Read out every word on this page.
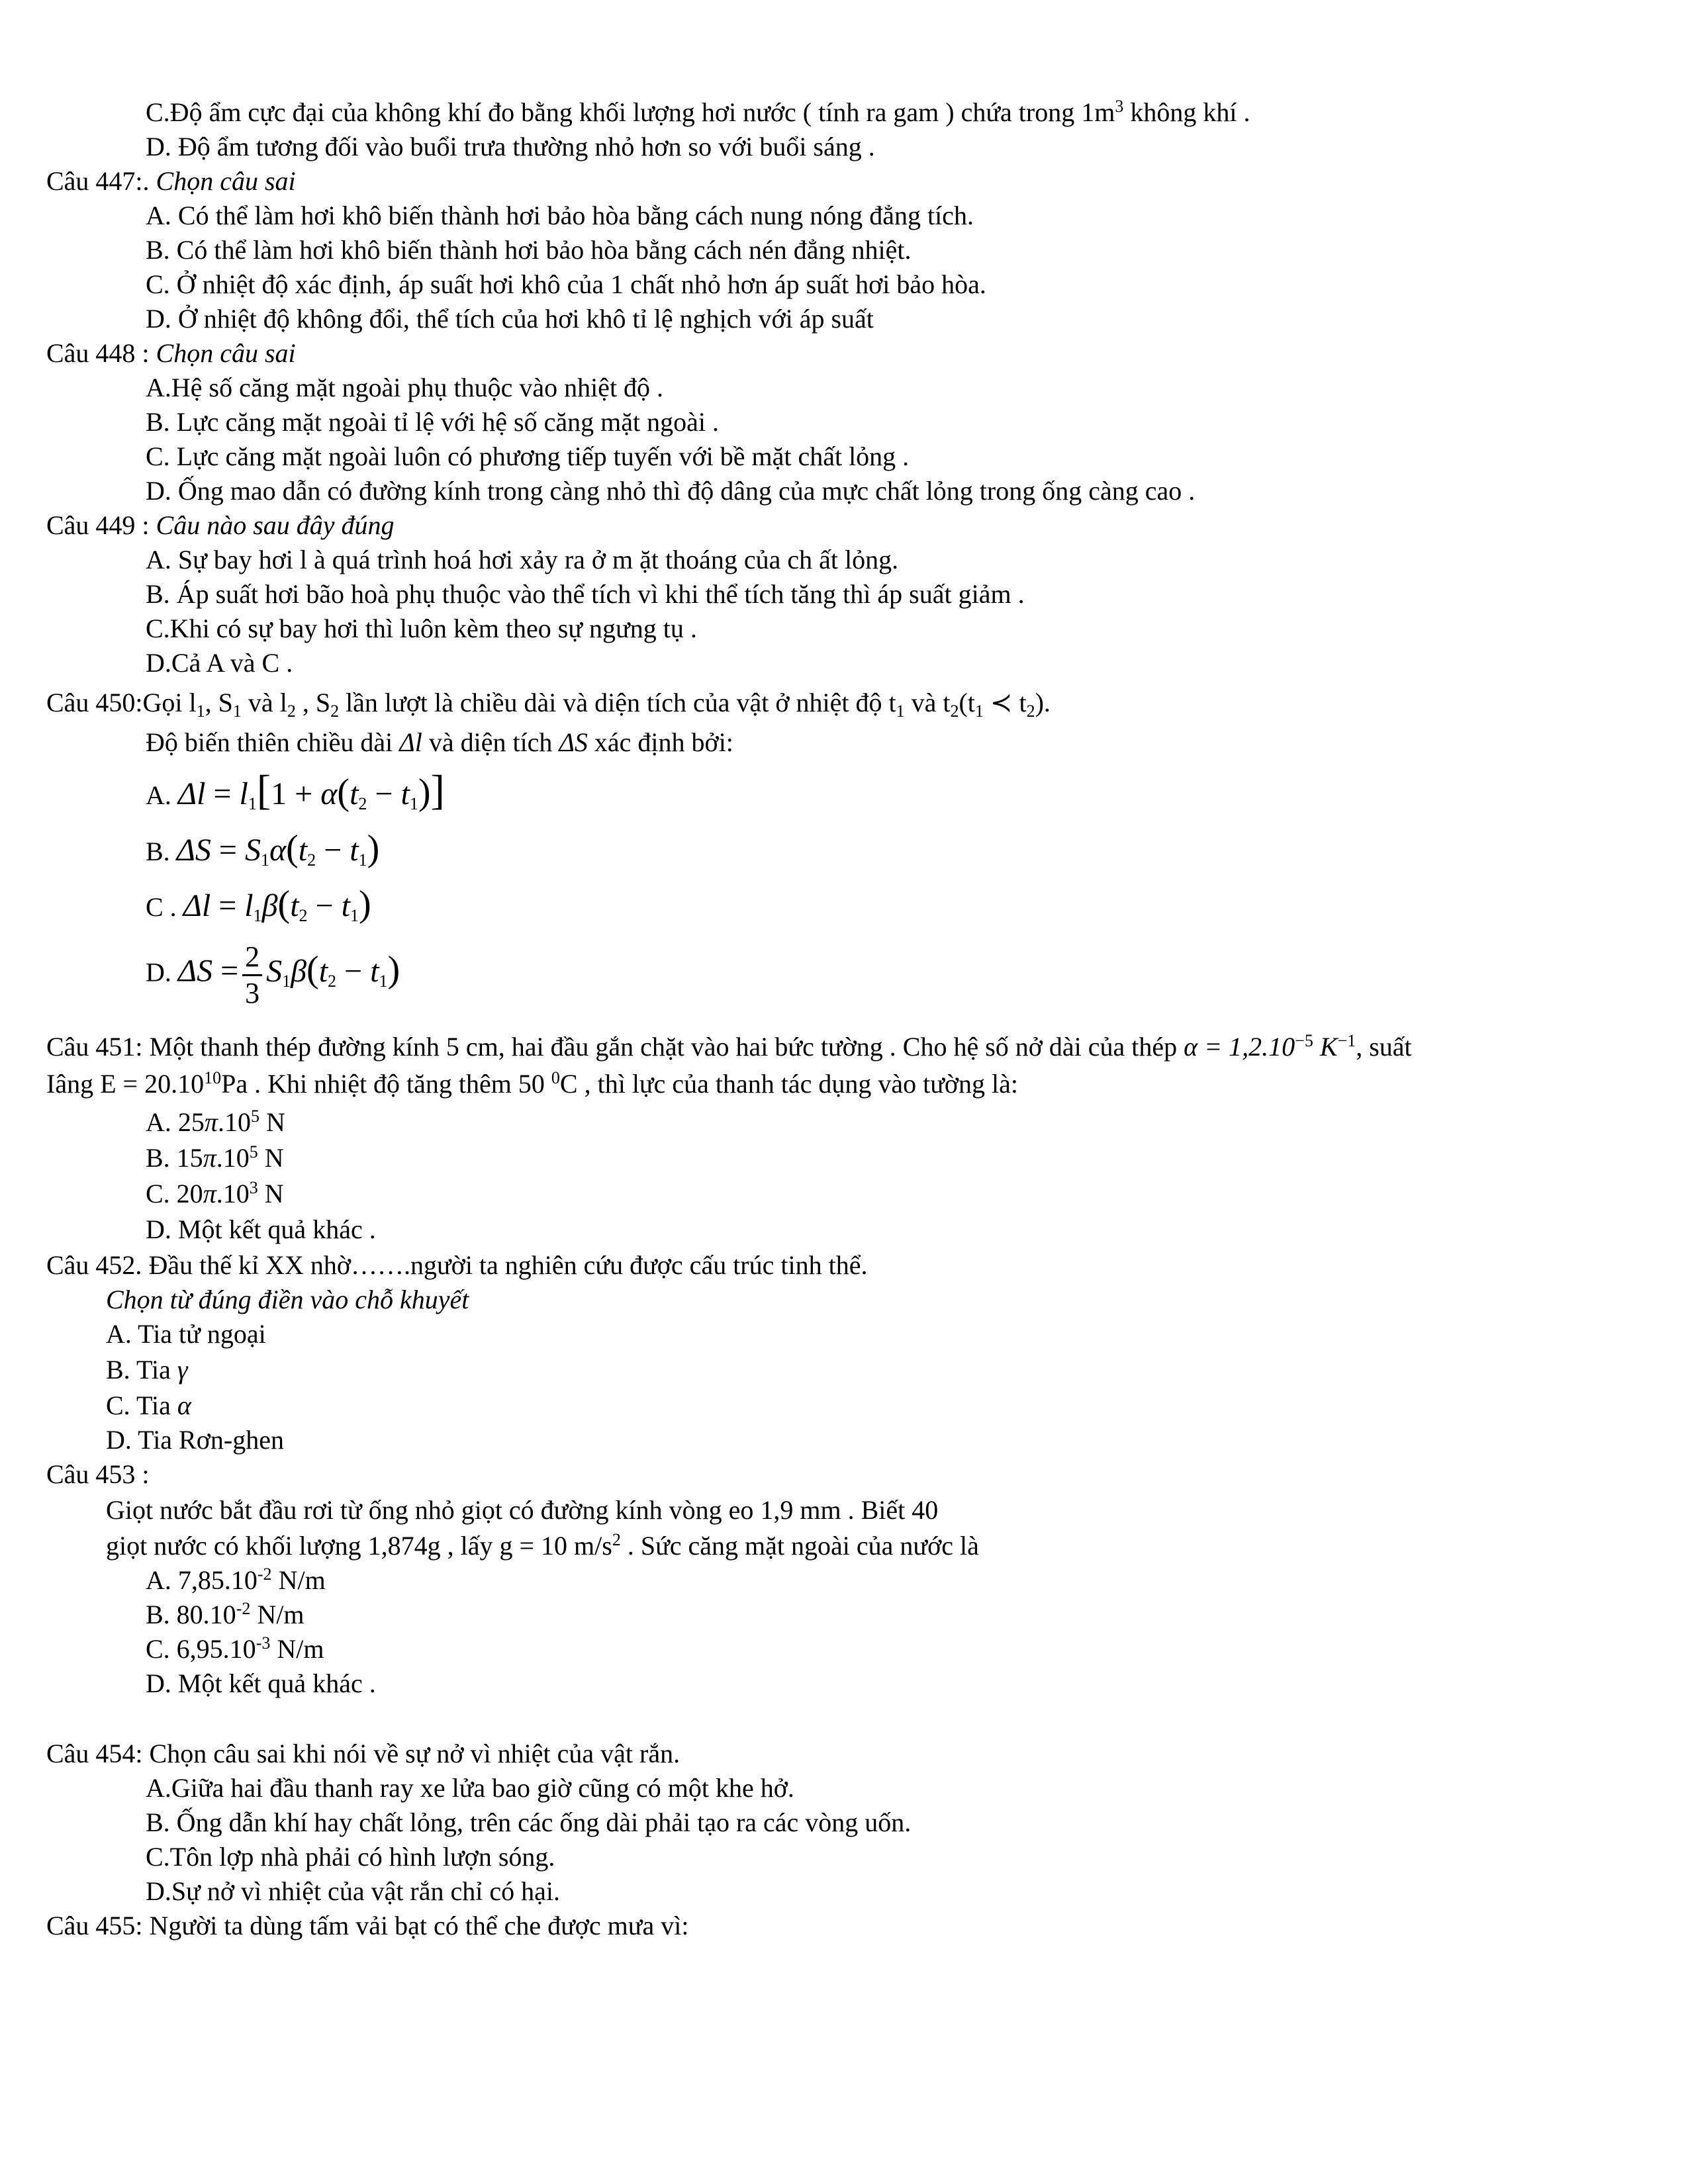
C.Độ ẩm cực đại của không khí đo bằng khối lượng hơi nước ( tính ra gam ) chứa trong $1m^3$ không khí .
D. Độ ẩm tương đối vào buổi trưa thường nhỏ hơn so với buổi sáng .
Câu 447:. Chọn câu sai
A. Có thể làm hơi khô biến thành hơi bảo hòa bằng cách nung nóng đẳng tích.
B. Có thể làm hơi khô biến thành hơi bảo hòa bằng cách nén đẳng nhiệt.
C. Ở nhiệt độ xác định, áp suất hơi khô của 1 chất nhỏ hơn áp suất hơi bảo hòa.
D. Ở nhiệt độ không đổi, thể tích của hơi khô tỉ lệ nghịch với áp suất
Câu 448 : Chọn câu sai
A.Hệ số căng mặt ngoài phụ thuộc vào nhiệt độ .
B. Lực căng mặt ngoài tỉ lệ với hệ số căng mặt ngoài .
C. Lực căng mặt ngoài luôn có phương tiếp tuyến với bề mặt chất lỏng .
D. Ống mao dẫn có đường kính trong càng nhỏ thì độ dâng của mực chất lỏng trong ống càng cao .
Câu 449 : Câu nào sau đây đúng
A. Sự bay hơi l à quá trình hoá hơi xảy ra ở m ặt thoáng của ch ất lỏng.
B. Áp suất hơi bão hoà phụ thuộc vào thể tích vì khi thể tích tăng thì áp suất giảm .
C.Khi có sự bay hơi thì luôn kèm theo sự ngưng tụ .
D.Cả A và C .
Câu 450:Gọi $l_1$, $S_1$ và $l_2$ , $S_2$ lần lượt là chiều dài và diện tích của vật ở nhiệt độ $t_1$ và $t_2(t_1$ ≺ $t_2$).
Độ biến thiên chiều dài Δl và diện tích ΔS xác định bởi:
A. $\Delta l = l_1[1 + \alpha(t_2 - t_1)]$
B. $\Delta S = S_1\alpha(t_2 - t_1)$
C . $\Delta l = l_1\beta(t_2 - t_1)$
D. $\Delta S = \frac{2}{3} S_1\beta(t_2 - t_1)$
Câu 451: Một thanh thép đường kính 5 cm, hai đầu gắn chặt vào hai bức tường . Cho hệ số nở dài của thép $\alpha = 1,2.10^{-5}$ $K^{-1}$, suất
Iâng $E = 20.10^{10}Pa$ . Khi nhiệt độ tăng thêm 50 $^0$C , thì lực của thanh tác dụng vào tường là:
A. $25\pi.10^5$ N
B. $15\pi.10^5$ N
C. $20\pi.10^3$ N
D. Một kết quả khác .
Câu 452. Đầu thế kỉ XX nhờ…….người ta nghiên cứu được cấu trúc tinh thể.
Chọn từ đúng điền vào chỗ khuyết
A. Tia tử ngoại
B. Tia γ
C. Tia α
D. Tia Rơn-ghen
Câu 453 :
Giọt nước bắt đầu rơi từ ống nhỏ giọt có đường kính vòng eo 1,9 mm . Biết 40
giọt nước có khối lượng 1,874g , lấy g = 10 $m/s^2$ . Sức căng mặt ngoài của nước là
A. $7,85.10^{-2}$ N/m
B. $80.10^{-2}$ N/m
C. $6,95.10^{-3}$ N/m
D. Một kết quả khác .
Câu 454: Chọn câu sai khi nói về sự nở vì nhiệt của vật rắn.
A.Giữa hai đầu thanh ray xe lửa bao giờ cũng có một khe hở.
B. Ống dẫn khí hay chất lỏng, trên các ống dài phải tạo ra các vòng uốn.
C.Tôn lợp nhà phải có hình lượn sóng.
D.Sự nở vì nhiệt của vật rắn chỉ có hại.
Câu 455: Người ta dùng tấm vải bạt có thể che được mưa vì:
